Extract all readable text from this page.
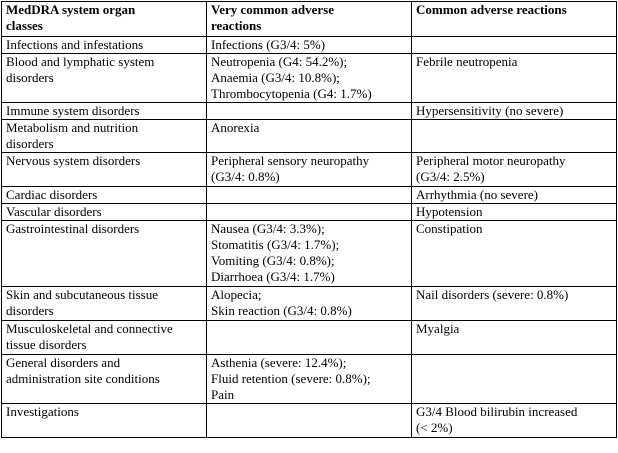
MedDRA system organ
classes	Very common adverse
reactions	Common adverse reactions

Infections and infestations	Infections (G3/4: 5%)	

Blood and lymphatic system
disorders	Neutropenia (G4: 54.2%);
Anaemia (G3/4: 10.8%);
Thrombocytopenia (G4: 1.7%)	Febrile neutropenia

Immune system disorders		Hypersensitivity (no severe)

Metabolism and nutrition
disorders	Anorexia	

Nervous system disorders	Peripheral sensory neuropathy
(G3/4: 0.8%)	Peripheral motor neuropathy
(G3/4: 2.5%)

Cardiac disorders		Arrhythmia (no severe)

Vascular disorders		Hypotension

Gastrointestinal disorders	Nausea (G3/4: 3.3%);
Stomatitis (G3/4: 1.7%);
Vomiting (G3/4: 0.8%);
Diarrhoea (G3/4: 1.7%)	Constipation

Skin and subcutaneous tissue
disorders	Alopecia;
Skin reaction (G3/4: 0.8%)	Nail disorders (severe: 0.8%)

Musculoskeletal and connective
tissue disorders		Myalgia

General disorders and
administration site conditions	Asthenia (severe: 12.4%);
Fluid retention (severe: 0.8%);
Pain	

Investigations		G3/4 Blood bilirubin increased
(< 2%)
